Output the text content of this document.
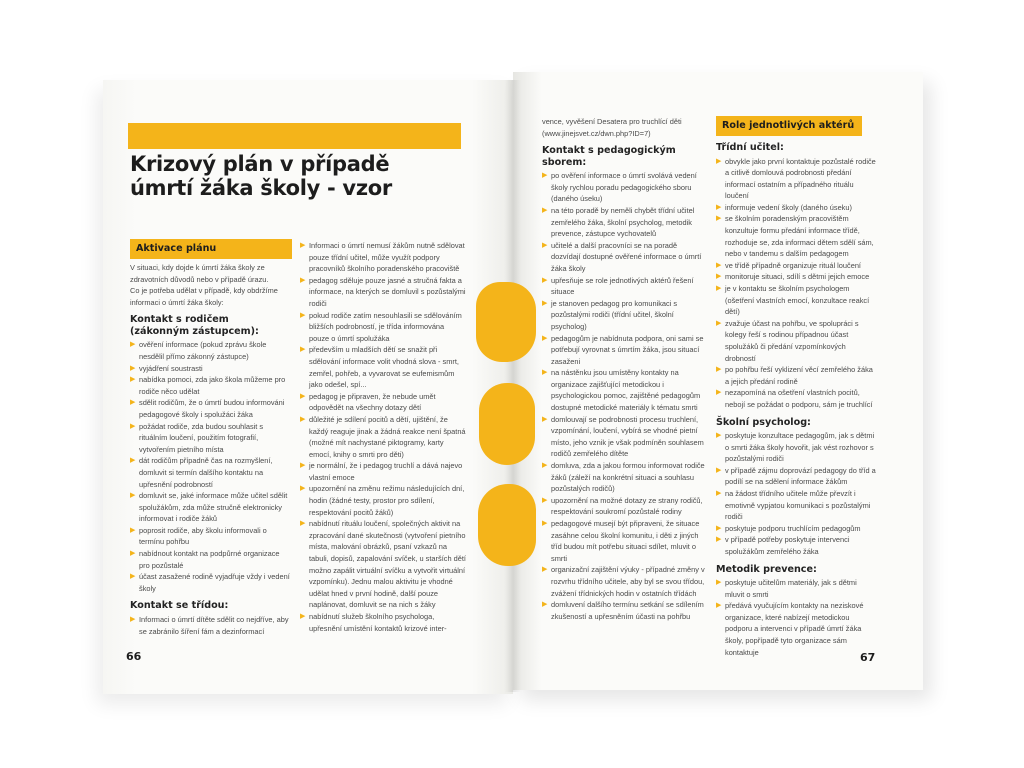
Krizový plán v případě
úmrtí žáka školy - vzor
Aktivace plánu

V situaci, kdy dojde k úmrtí žáka školy ze zdravotních důvodů nebo v případě úrazu.

Co je potřeba udělat v případě, kdy obdržíme informaci o úmrtí žáka školy:

Kontakt s rodičem (zákonným zástupcem):
▶ ověření informace (pokud zprávu škole nesdělil přímo zákonný zástupce)
▶ vyjádření soustrasti
▶ nabídka pomoci, zda jako škola můžeme pro rodiče něco udělat
▶ sdělit rodičům, že o úmrtí budou informováni pedagogové školy i spolužáci žáka
▶ požádat rodiče, zda budou souhlasit s rituálním loučení, použitím fotografií, vytvořením pietního místa
▶ dát rodičům případně čas na rozmyšlení, domluvit si termín dalšího kontaktu na upřesnění podrobností
▶ domluvit se, jaké informace může učitel sdělit spolužákům, zda může stručně elektronicky informovat i rodiče žáků
▶ poprosit rodiče, aby školu informovali o termínu pohřbu
▶ nabídnout kontakt na podpůrné organizace pro pozůstalé
▶ účast zasažené rodině vyjadřuje vždy i vedení školy
Kontakt se třídou:
▶ Informaci o úmrtí dítěte sdělit co nejdříve, aby se zabránilo šíření fám a dezinformací
▶ Informaci o úmrtí nemusí žákům nutně sdělovat pouze třídní učitel, může využít podpory pracovníků školního poradenského pracoviště
▶ pedagog sděluje pouze jasné a stručná fakta a informace, na kterých se domluvil s pozůstalými rodiči
▶ pokud rodiče zatím nesouhlasili se sdělováním bližších podrobností, je třída informována pouze o úmrtí spolužáka
▶ především u mladších dětí se snažit při sdělování informace volit vhodná slova - smrt, zemřel, pohřeb, a vyvarovat se eufemismům jako odešel, spí...
▶ pedagog je připraven, že nebude umět odpovědět na všechny dotazy dětí
▶ důležité je sdílení pocitů a dětí, ujištění, že každý reaguje jinak a žádná reakce není špatná (možné mít nachystané piktogramy, karty emocí, knihy o smrti pro děti)
▶ je normální, že i pedagog truchlí a dává najevo vlastní emoce
▶ upozornění na změnu režimu následujících dní, hodin (žádné testy, prostor pro sdílení, respektování pocitů žáků)
▶ nabídnutí rituálu loučení, společných aktivit na zpracování dané skutečnosti (vytvoření pietního místa, malování obrázků, psaní vzkazů na tabuli, dopisů, zapalování svíček, u starších dětí možno zapálit virtuální svíčku a vytvořit virtuální vzpomínku). Jednu malou aktivitu je vhodné udělat hned v první hodině, další pouze naplánovat, domluvit se na nich s žáky
▶ nabídnutí služeb školního psychologa, upřesnění umístění kontaktů krizové inter-
66

vence, vyvěšení Desatera pro truchlící děti (www.jinejsvet.cz/dwn.php?ID=7)

Kontakt s pedagogickým sborem:
▶ po ověření informace o úmrtí svolává vedení školy rychlou poradu pedagogického sboru (daného úseku)
▶ na této poradě by neměli chybět třídní učitel zemřelého žáka, školní psycholog, metodik prevence, zástupce vychovatelů
▶ učitelé a další pracovníci se na poradě dozvídají dostupné ověřené informace o úmrtí žáka školy
▶ upřesňuje se role jednotlivých aktérů řešení situace
▶ je stanoven pedagog pro komunikaci s pozůstalými rodiči (třídní učitel, školní psycholog)
▶ pedagogům je nabídnuta podpora, oni sami se potřebují vyrovnat s úmrtím žáka, jsou situací zasaženi
▶ na nástěnku jsou umístěny kontakty na organizace zajišťující metodickou i psychologickou pomoc, zajištěné pedagogům dostupné metodické materiály k tématu smrti
▶ domlouvají se podrobnosti procesu truchlení, vzpomínání, loučení, vybírá se vhodné pietní místo, jeho vznik je však podmíněn souhlasem rodičů zemřelého dítěte
▶ domluva, zda a jakou formou informovat rodiče žáků (záleží na konkrétní situaci a souhlasu pozůstalých rodičů)
▶ upozornění na možné dotazy ze strany rodičů, respektování soukromí pozůstalé rodiny
▶ pedagogové musejí být připraveni, že situace zasáhne celou školní komunitu, i děti z jiných tříd budou mít potřebu situaci sdílet, mluvit o smrti
▶ organizační zajištění výuky - případné změny v rozvrhu třídního učitele, aby byl se svou třídou, zvážení třídnických hodin v ostatních třídách
▶ domluvení dalšího termínu setkání se sdílením zkušeností a upřesněním účasti na pohřbu
Role jednotlivých aktérů
Třídní učitel:
▶ obvykle jako první kontaktuje pozůstalé rodiče a citlivě domlouvá podrobnosti předání informací ostatním a případného rituálu loučení
▶ informuje vedení školy (daného úseku)
▶ se školním poradenským pracovištěm konzultuje formu předání informace třídě, rozhoduje se, zda informaci dětem sdělí sám, nebo v tandemu s dalším pedagogem
▶ ve třídě případně organizuje rituál loučení
▶ monitoruje situaci, sdílí s dětmi jejich emoce
▶ je v kontaktu se školním psychologem (ošetření vlastních emocí, konzultace reakcí dětí)
▶ zvažuje účast na pohřbu, ve spolupráci s kolegy řeší s rodinou případnou účast spolužáků či předání vzpomínkových drobností
▶ po pohřbu řeší vyklizení věcí zemřelého žáka a jejich předání rodině
▶ nezapomíná na ošetření vlastních pocitů, nebojí se požádat o podporu, sám je truchlící
Školní psycholog:
▶ poskytuje konzultace pedagogům, jak s dětmi o smrti žáka školy hovořit, jak vést rozhovor s pozůstalými rodiči
▶ v případě zájmu doprovází pedagogy do tříd a podílí se na sdělení informace žákům
▶ na žádost třídního učitele může převzít i emotivně vypjatou komunikaci s pozůstalými rodiči
▶ poskytuje podporu truchlícím pedagogům
▶ v případě potřeby poskytuje intervenci spolužákům zemřelého žáka
Metodik prevence:
▶ poskytuje učitelům materiály, jak s dětmi mluvit o smrti
▶ předává vyučujícím kontakty na neziskové organizace, které nabízejí metodickou podporu a intervenci v případě úmrtí žáka školy, popřípadě tyto organizace sám kontaktuje	67
